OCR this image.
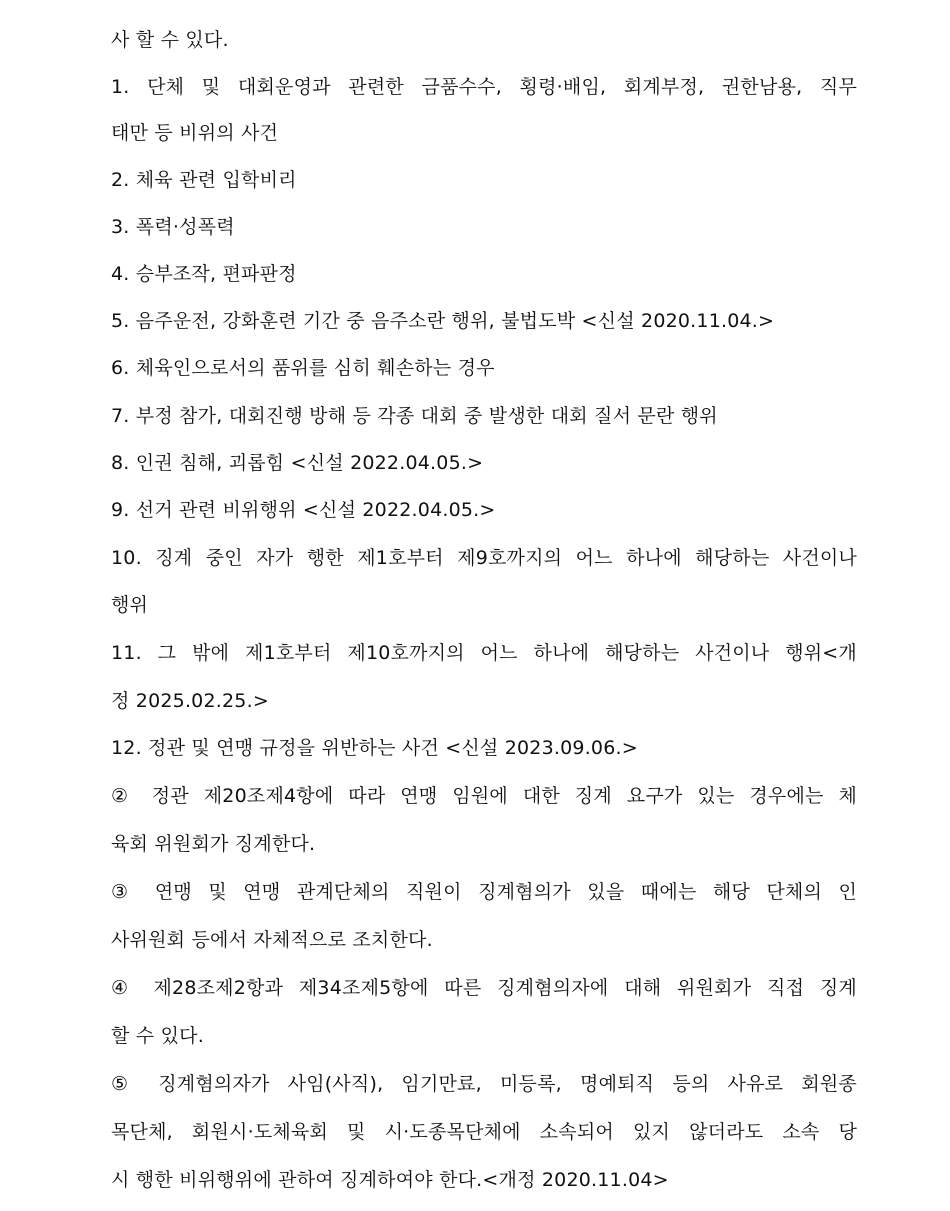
사 할 수 있다.
1. 단체 및 대회운영과 관련한 금품수수, 횡령·배임, 회계부정, 권한남용, 직무
태만 등 비위의 사건
2. 체육 관련 입학비리
3. 폭력·성폭력
4. 승부조작, 편파판정
5. 음주운전, 강화훈련 기간 중 음주소란 행위, 불법도박 <신설 2020.11.04.>
6. 체육인으로서의 품위를 심히 훼손하는 경우
7. 부정 참가, 대회진행 방해 등 각종 대회 중 발생한 대회 질서 문란 행위
8. 인권 침해, 괴롭힘 <신설 2022.04.05.>
9. 선거 관련 비위행위 <신설 2022.04.05.>
10. 징계 중인 자가 행한 제1호부터 제9호까지의 어느 하나에 해당하는 사건이나
행위
11. 그 밖에 제1호부터 제10호까지의 어느 하나에 해당하는 사건이나 행위<개
정 2025.02.25.>
12. 정관 및 연맹 규정을 위반하는 사건 <신설 2023.09.06.>
② 정관 제20조제4항에 따라 연맹 임원에 대한 징계 요구가 있는 경우에는 체
육회 위원회가 징계한다.
③ 연맹 및 연맹 관계단체의 직원이 징계혐의가 있을 때에는 해당 단체의 인
사위원회 등에서 자체적으로 조치한다.
④ 제28조제2항과 제34조제5항에 따른 징계혐의자에 대해 위원회가 직접 징계
할 수 있다.
⑤ 징계혐의자가 사임(사직), 임기만료, 미등록, 명예퇴직 등의 사유로 회원종
목단체, 회원시·도체육회 및 시·도종목단체에 소속되어 있지 않더라도 소속 당
시 행한 비위행위에 관하여 징계하여야 한다.<개정 2020.11.04>
